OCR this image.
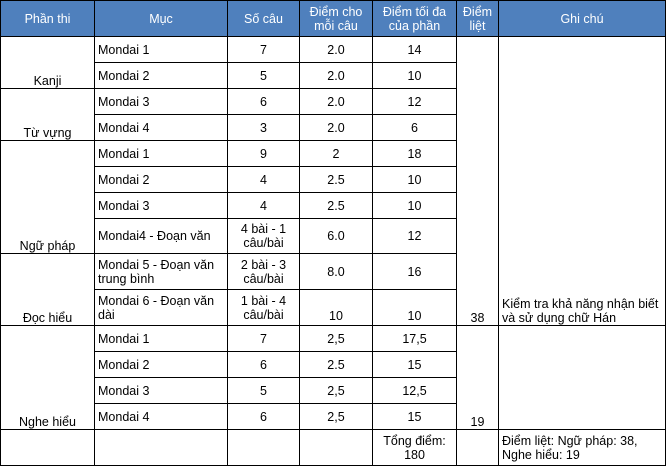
Phần thi	Mục	Số câu	Điểm cho mỗi câu	Điểm tối đa của phần	Điểm liệt	Ghi chú
Kanji	Mondai 1	7	2.0	14	38	Kiểm tra khả năng nhận biết và sử dụng chữ Hán
	Mondai 2	5	2.0	10		
Từ vựng	Mondai 3	6	2.0	12		
	Mondai 4	3	2.0	6		
Ngữ pháp	Mondai 1	9	2	18		
	Mondai 2	4	2.5	10		
	Mondai 3	4	2.5	10		
	Mondai4 - Đoạn văn	4 bài - 1 câu/bài	6.0	12		
Đọc hiểu	Mondai 5 - Đoạn văn trung bình	2 bài - 3 câu/bài	8.0	16		
	Mondai 6 - Đoạn văn dài	1 bài - 4 câu/bài	10	10		
Nghe hiểu	Mondai 1	7	2,5	17,5	19	
	Mondai 2	6	2.5	15		
	Mondai 3	5	2,5	12,5		
	Mondai 4	6	2,5	15		
				Tổng điểm: 180		Điểm liệt: Ngữ pháp: 38, Nghe hiểu: 19
